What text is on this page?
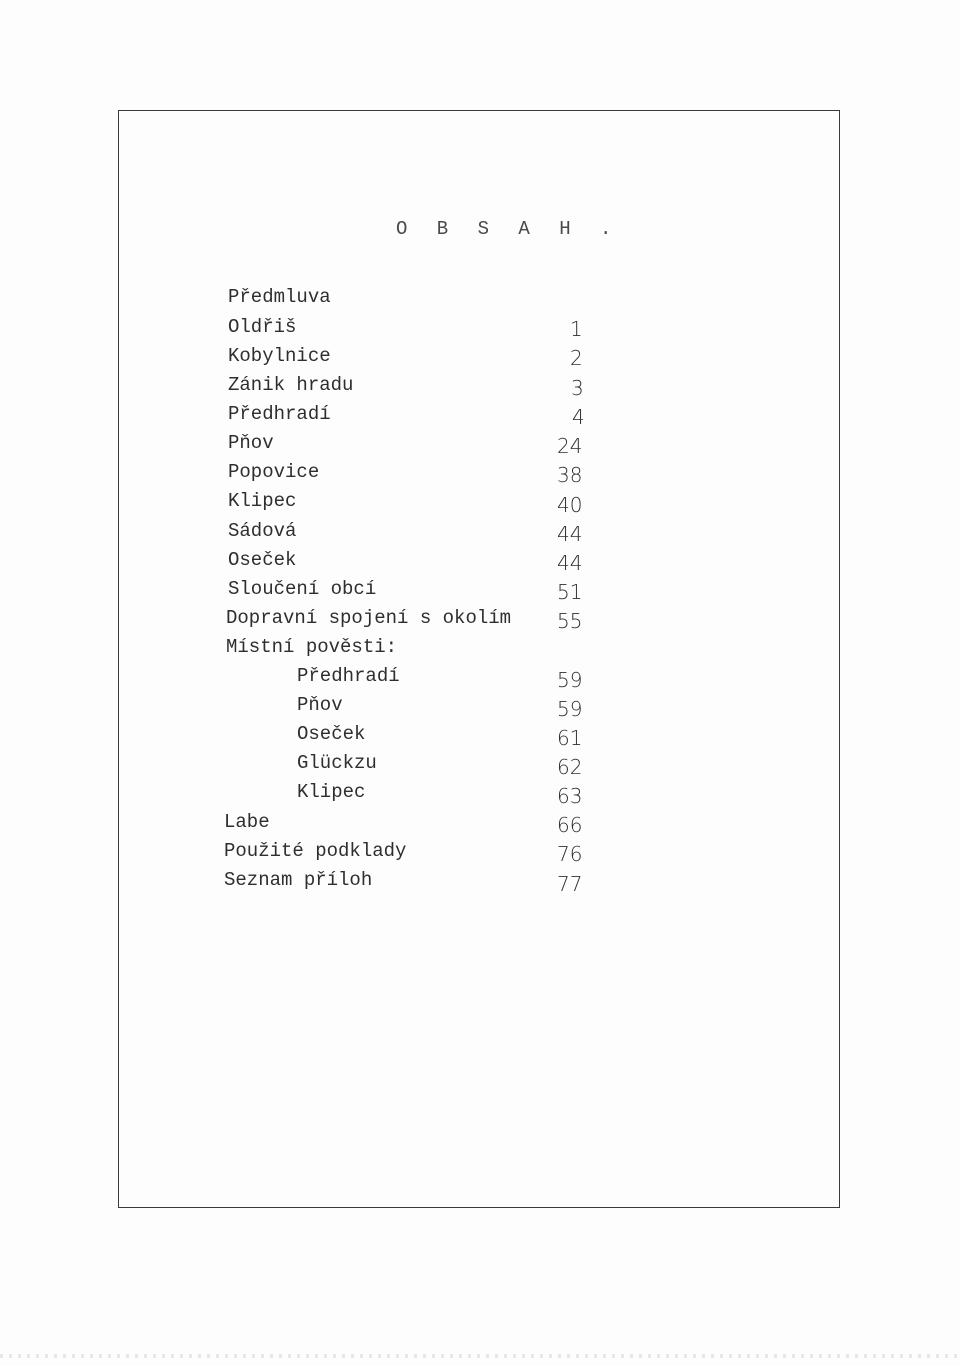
O B S A H .
Předmluva
Oldřiš
Kobylnice
Zánik hradu
Předhradí
Pňov
Popovice
Klipec
Sádová
Oseček
Sloučení obcí
Dopravní spojení s okolím
Místní pověsti:
Předhradí
Pňov
Oseček
Glückzu
Klipec
Labe
Použité podklady
Seznam příloh
1
2
3
4
24
38
40
44
44
51
55
59
59
61
62
63
66
76
77
